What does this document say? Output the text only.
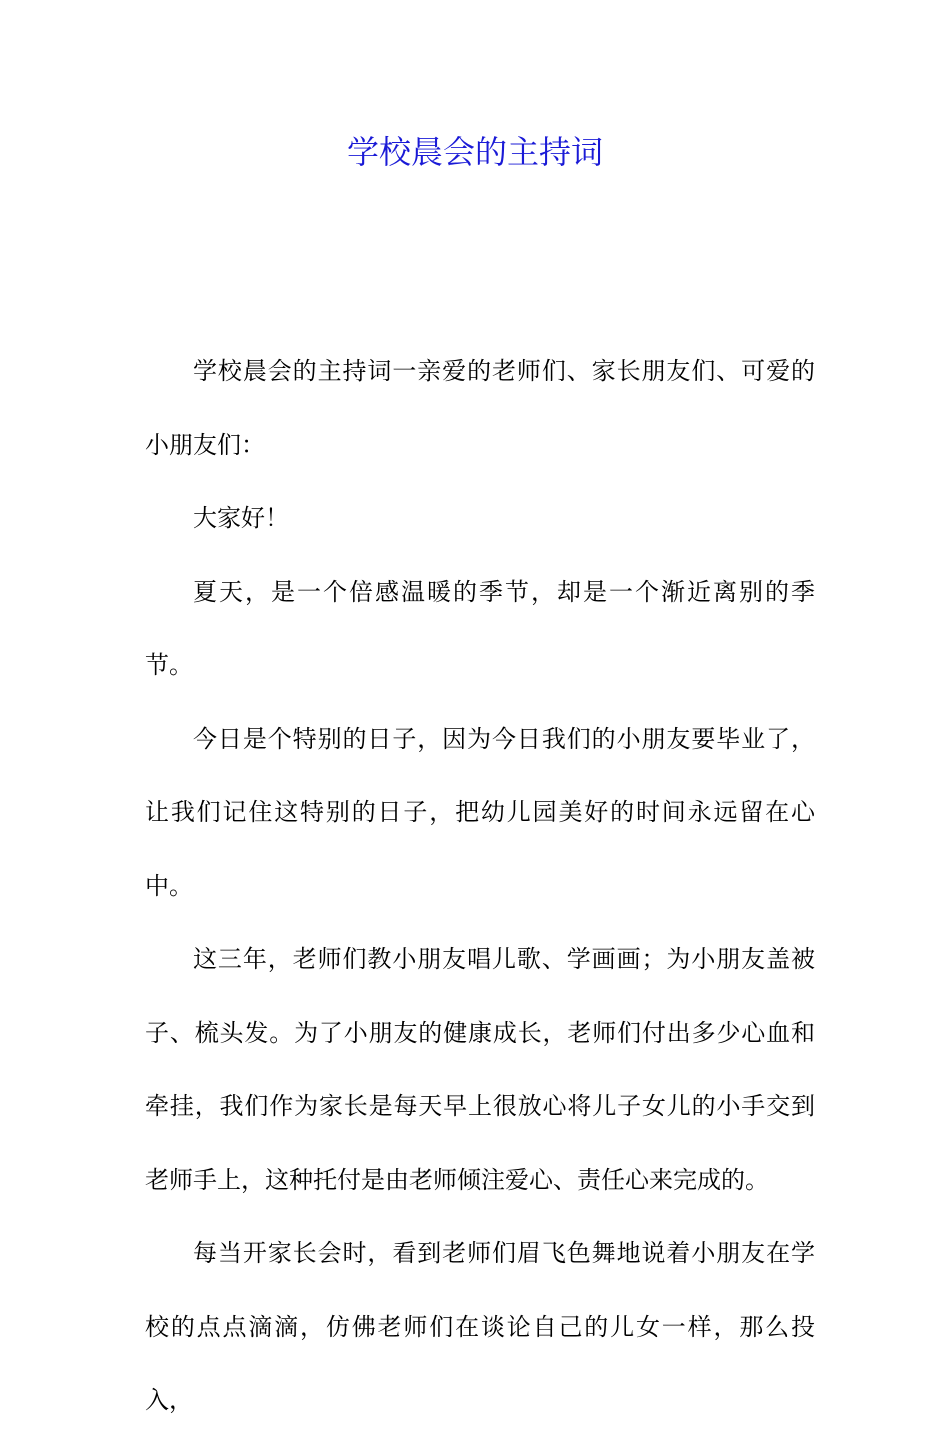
学校晨会的主持词

学校晨会的主持词一亲爱的老师们、家长朋友们、可爱的小朋友们：

大家好！

夏天，是一个倍感温暖的季节，却是一个渐近离别的季节。

今日是个特别的日子，因为今日我们的小朋友要毕业了，让我们记住这特别的日子，把幼儿园美好的时间永远留在心中。

这三年，老师们教小朋友唱儿歌、学画画；为小朋友盖被子、梳头发。为了小朋友的健康成长，老师们付出多少心血和牵挂，我们作为家长是每天早上很放心将儿子女儿的小手交到老师手上，这种托付是由老师倾注爱心、责任心来完成的。

每当开家长会时，看到老师们眉飞色舞地说着小朋友在学校的点点滴滴，仿佛老师们在谈论自己的儿女一样，那么投入，
